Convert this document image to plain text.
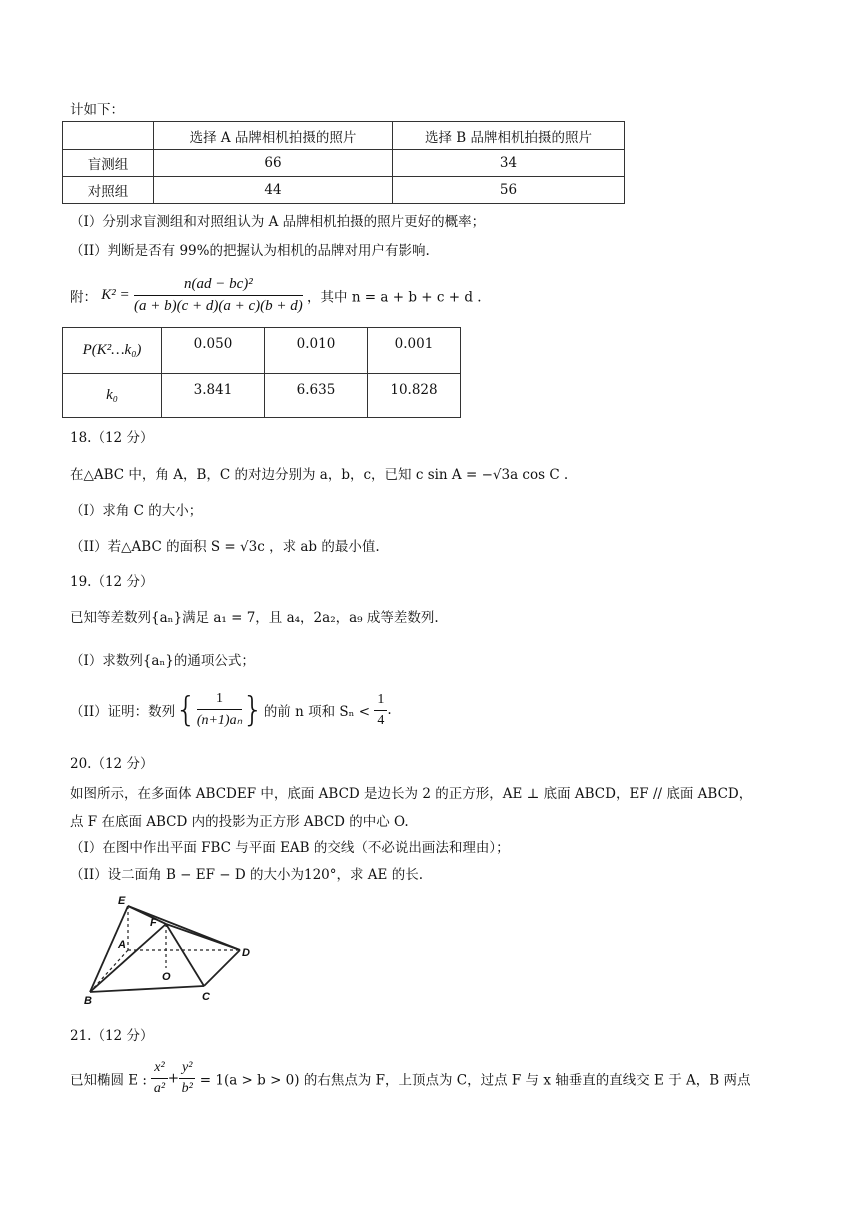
计如下：
	选择 A 品牌相机拍摄的照片	选择 B 品牌相机拍摄的照片
盲测组	66	34
对照组	44	56
（I）分别求盲测组和对照组认为 A 品牌相机拍摄的照片更好的概率；
（II）判断是否有 99%的把握认为相机的品牌对用户有影响.
附： $K^2 = \frac{\text{n(ad − bc)²}}{(a + b)(c + d)(a + c)(b + d)}$ ，其中 n = a + b + c + d .
P(K²…k₀)	0.050	0.010	0.001
k₀	3.841	6.635	10.828
18.（12 分）
在△ABC 中，角 A，B，C 的对边分别为 a，b，c，已知 c sin A = −√3a cos C .
（I）求角 C 的大小；
（II）若△ABC 的面积 S = √3c ，求 ab 的最小值.
19.（12 分）
已知等差数列{aₙ}满足 a₁ = 7，且 a₄，2a₂，a₉ 成等差数列.
（I）求数列{aₙ}的通项公式；
（II）证明：数列{ $\frac{1}{\text{(n+1)aₙ}}$ }的前 n 项和 $S_n < \frac{1}{4}$ .
20.（12 分）
如图所示，在多面体 ABCDEF 中，底面 ABCD 是边长为 2 的正方形，AE ⊥ 底面 ABCD，EF // 底面 ABCD，
点 F 在底面 ABCD 内的投影为正方形 ABCD 的中心 O.
（I）在图中作出平面 FBC 与平面 EAB 的交线（不必说出画法和理由）；
（II）设二面角 B − EF − D 的大小为120°，求 AE 的长.
E
F
A
O
D
B	C
21.（12 分）
已知椭圆 E : $\frac{\text{x²}}{\text{a²}} + \frac{\text{y²}}{\text{b²}} = 1(a > b > 0)$ 的右焦点为 F，上顶点为 C，过点 F 与 x 轴垂直的直线交 E 于 A，B 两点
